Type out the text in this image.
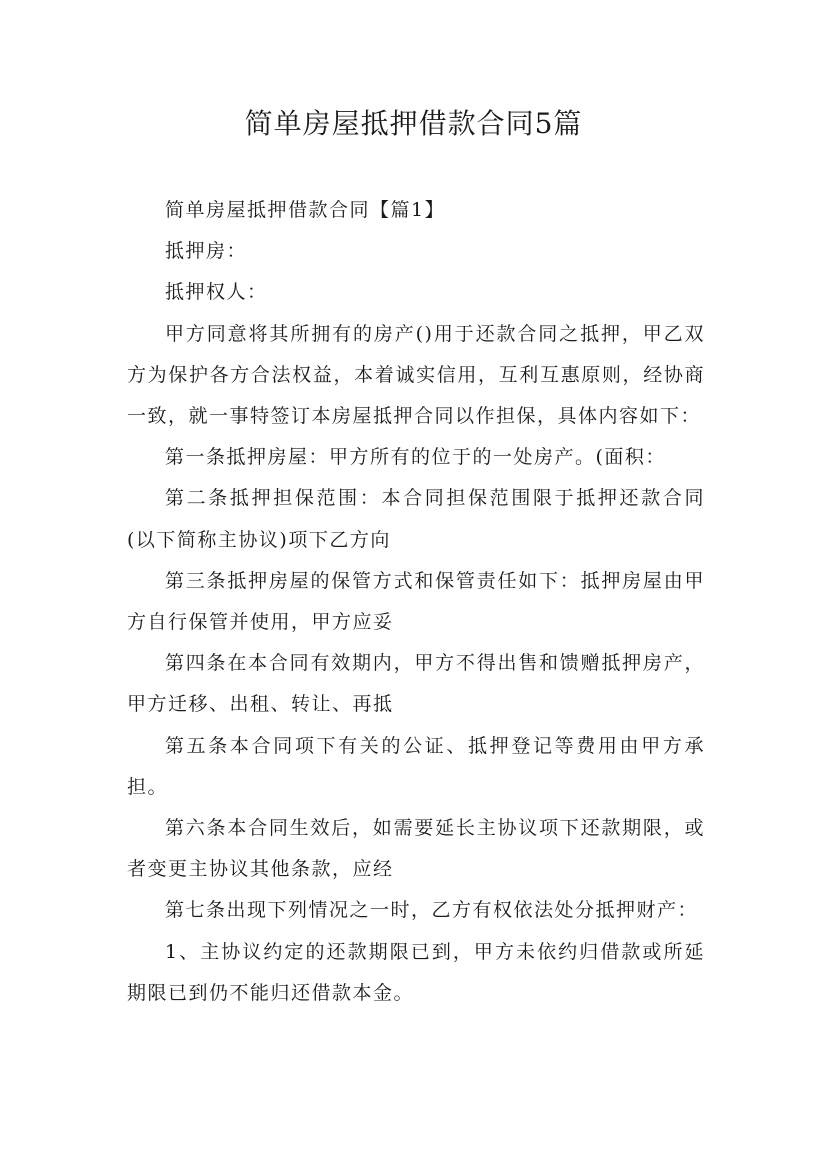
简单房屋抵押借款合同5篇

简单房屋抵押借款合同【篇1】

抵押房：

抵押权人：

甲方同意将其所拥有的房产()用于还款合同之抵押，甲乙双方为保护各方合法权益，本着诚实信用，互利互惠原则，经协商一致，就一事特签订本房屋抵押合同以作担保，具体内容如下：

第一条抵押房屋：甲方所有的位于的一处房产。(面积：

第二条抵押担保范围：本合同担保范围限于抵押还款合同(以下简称主协议)项下乙方向

第三条抵押房屋的保管方式和保管责任如下：抵押房屋由甲方自行保管并使用，甲方应妥

第四条在本合同有效期内，甲方不得出售和馈赠抵押房产，甲方迁移、出租、转让、再抵

第五条本合同项下有关的公证、抵押登记等费用由甲方承担。

第六条本合同生效后，如需要延长主协议项下还款期限，或者变更主协议其他条款，应经

第七条出现下列情况之一时，乙方有权依法处分抵押财产：

1、主协议约定的还款期限已到，甲方未依约归借款或所延期限已到仍不能归还借款本金。
